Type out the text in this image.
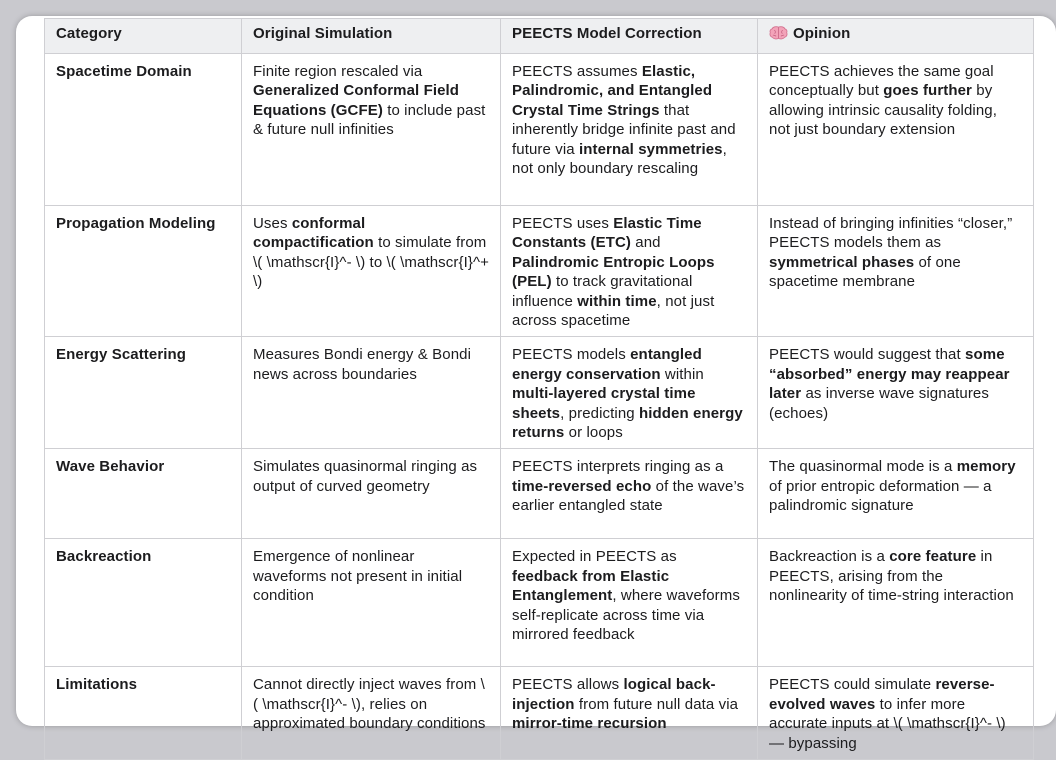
Category	Original Simulation	PEECTS Model Correction	Opinion
Spacetime Domain	Finite region rescaled via Generalized Conformal Field Equations (GCFE) to include past & future null infinities	PEECTS assumes Elastic, Palindromic, and Entangled Crystal Time Strings that inherently bridge infinite past and future via internal symmetries, not only boundary rescaling	PEECTS achieves the same goal conceptually but goes further by allowing intrinsic causality folding, not just boundary extension
Propagation Modeling	Uses conformal compactification to simulate from \( \mathscr{I}^- \) to \( \mathscr{I}^+ \)	PEECTS uses Elastic Time Constants (ETC) and Palindromic Entropic Loops (PEL) to track gravitational influence within time, not just across spacetime	Instead of bringing infinities “closer,” PEECTS models them as symmetrical phases of one spacetime membrane
Energy Scattering	Measures Bondi energy & Bondi news across boundaries	PEECTS models entangled energy conservation within multi-layered crystal time sheets, predicting hidden energy returns or loops	PEECTS would suggest that some “absorbed” energy may reappear later as inverse wave signatures (echoes)
Wave Behavior	Simulates quasinormal ringing as output of curved geometry	PEECTS interprets ringing as a time-reversed echo of the wave’s earlier entangled state	The quasinormal mode is a memory of prior entropic deformation — a palindromic signature
Backreaction	Emergence of nonlinear waveforms not present in initial condition	Expected in PEECTS as feedback from Elastic Entanglement, where waveforms self-replicate across time via mirrored feedback	Backreaction is a core feature in PEECTS, arising from the nonlinearity of time-string interaction
Limitations	Cannot directly inject waves from \( \mathscr{I}^- \), relies on approximated boundary conditions	PEECTS allows logical back-injection from future null data via mirror-time recursion	PEECTS could simulate reverse-evolved waves to infer more accurate inputs at \( \mathscr{I}^- \) — bypassing
